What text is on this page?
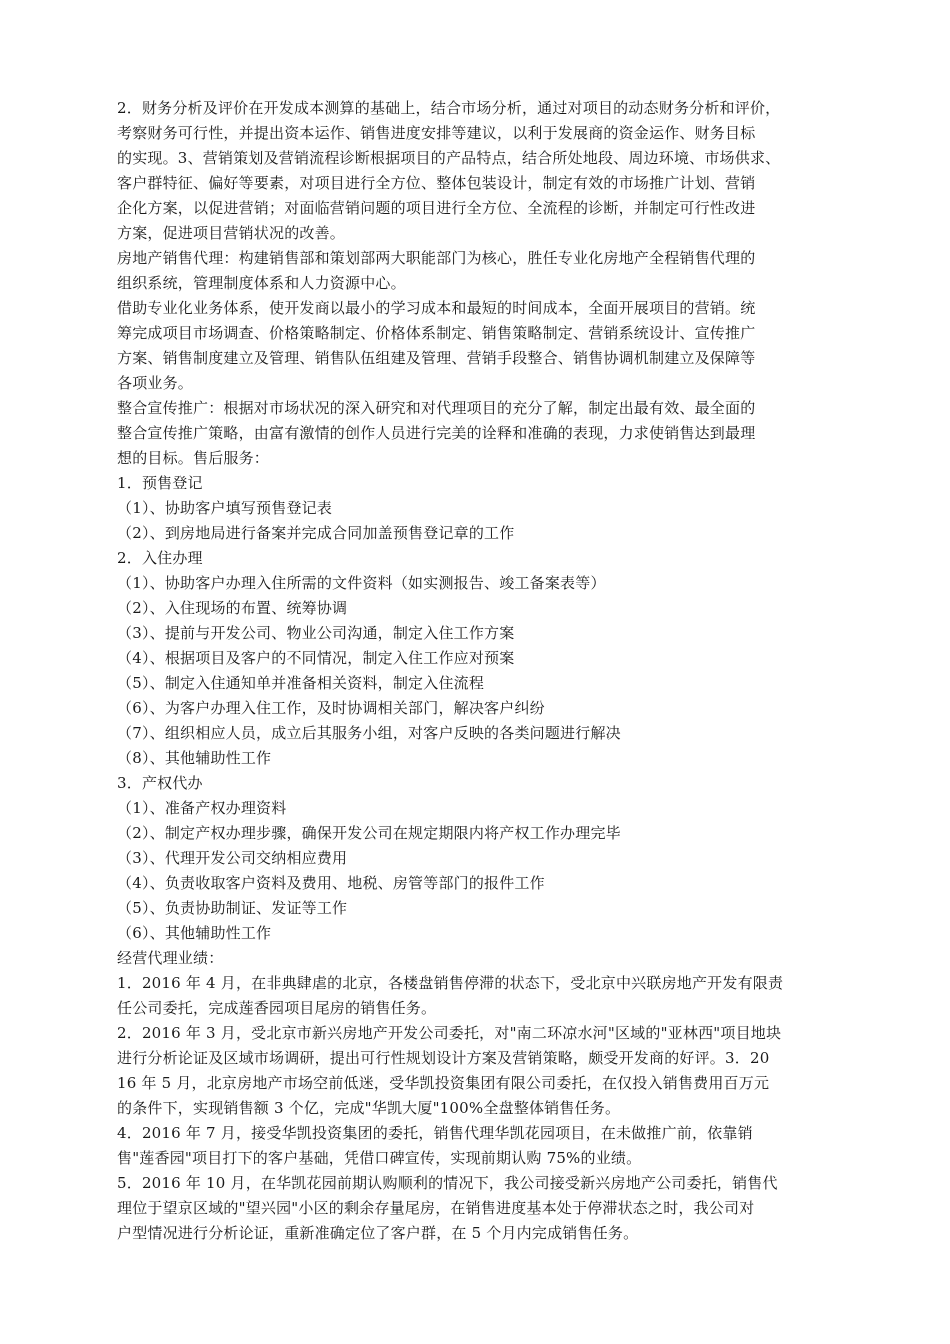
2．财务分析及评价在开发成本测算的基础上，结合市场分析，通过对项目的动态财务分析和评价，
考察财务可行性，并提出资本运作、销售进度安排等建议，以利于发展商的资金运作、财务目标
的实现。3、营销策划及营销流程诊断根据项目的产品特点，结合所处地段、周边环境、市场供求、
客户群特征、偏好等要素，对项目进行全方位、整体包装设计，制定有效的市场推广计划、营销
企化方案，以促进营销；对面临营销问题的项目进行全方位、全流程的诊断，并制定可行性改进
方案，促进项目营销状况的改善。
房地产销售代理：构建销售部和策划部两大职能部门为核心，胜任专业化房地产全程销售代理的
组织系统，管理制度体系和人力资源中心。
借助专业化业务体系，使开发商以最小的学习成本和最短的时间成本，全面开展项目的营销。统
筹完成项目市场调查、价格策略制定、价格体系制定、销售策略制定、营销系统设计、宣传推广
方案、销售制度建立及管理、销售队伍组建及管理、营销手段整合、销售协调机制建立及保障等
各项业务。
整合宣传推广：根据对市场状况的深入研究和对代理项目的充分了解，制定出最有效、最全面的
整合宣传推广策略，由富有激情的创作人员进行完美的诠释和准确的表现，力求使销售达到最理
想的目标。售后服务：
1．预售登记
（1）、协助客户填写预售登记表
（2）、到房地局进行备案并完成合同加盖预售登记章的工作
2．入住办理
（1）、协助客户办理入住所需的文件资料（如实测报告、竣工备案表等）
（2）、入住现场的布置、统筹协调
（3）、提前与开发公司、物业公司沟通，制定入住工作方案
（4）、根据项目及客户的不同情况，制定入住工作应对预案
（5）、制定入住通知单并准备相关资料，制定入住流程
（6）、为客户办理入住工作，及时协调相关部门，解决客户纠纷
（7）、组织相应人员，成立后其服务小组，对客户反映的各类问题进行解决
（8）、其他辅助性工作
3．产权代办
（1）、准备产权办理资料
（2）、制定产权办理步骤，确保开发公司在规定期限内将产权工作办理完毕
（3）、代理开发公司交纳相应费用
（4）、负责收取客户资料及费用、地税、房管等部门的报件工作
（5）、负责协助制证、发证等工作
（6）、其他辅助性工作
经营代理业绩：
1．2016 年 4 月，在非典肆虐的北京，各楼盘销售停滞的状态下，受北京中兴联房地产开发有限责
任公司委托，完成莲香园项目尾房的销售任务。
2．2016 年 3 月，受北京市新兴房地产开发公司委托，对"南二环凉水河"区域的"亚林西"项目地块
进行分析论证及区域市场调研，提出可行性规划设计方案及营销策略，颇受开发商的好评。3．20
16 年 5 月，北京房地产市场空前低迷，受华凯投资集团有限公司委托，在仅投入销售费用百万元
的条件下，实现销售额 3 个亿，完成"华凯大厦"100%全盘整体销售任务。
4．2016 年 7 月，接受华凯投资集团的委托，销售代理华凯花园项目，在未做推广前，依靠销
售"莲香园"项目打下的客户基础，凭借口碑宣传，实现前期认购 75%的业绩。
5．2016 年 10 月，在华凯花园前期认购顺利的情况下，我公司接受新兴房地产公司委托，销售代
理位于望京区域的"望兴园"小区的剩余存量尾房，在销售进度基本处于停滞状态之时，我公司对
户型情况进行分析论证，重新准确定位了客户群，在 5 个月内完成销售任务。
